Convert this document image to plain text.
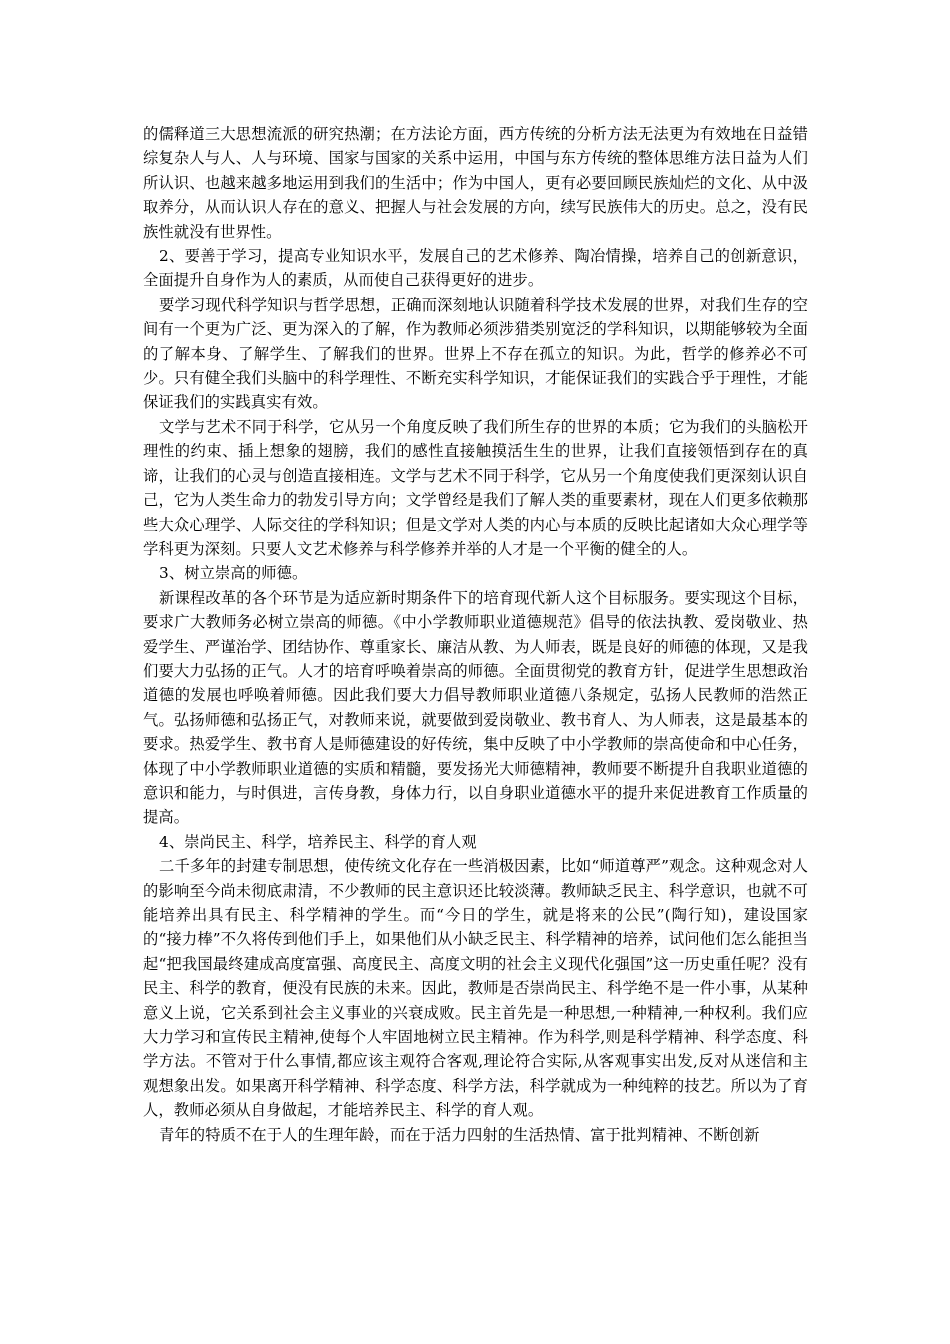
的儒释道三大思想流派的研究热潮；在方法论方面，西方传统的分析方法无法更为有效地在日益错综复杂人与人、人与环境、国家与国家的关系中运用，中国与东方传统的整体思维方法日益为人们所认识、也越来越多地运用到我们的生活中；作为中国人，更有必要回顾民族灿烂的文化、从中汲取养分，从而认识人存在的意义、把握人与社会发展的方向，续写民族伟大的历史。总之，没有民族性就没有世界性。

2、要善于学习，提高专业知识水平，发展自己的艺术修养、陶冶情操，培养自己的创新意识，全面提升自身作为人的素质，从而使自己获得更好的进步。

要学习现代科学知识与哲学思想，正确而深刻地认识随着科学技术发展的世界，对我们生存的空间有一个更为广泛、更为深入的了解，作为教师必须涉猎类别宽泛的学科知识，以期能够较为全面的了解本身、了解学生、了解我们的世界。世界上不存在孤立的知识。为此，哲学的修养必不可少。只有健全我们头脑中的科学理性、不断充实科学知识，才能保证我们的实践合乎于理性，才能保证我们的实践真实有效。

文学与艺术不同于科学，它从另一个角度反映了我们所生存的世界的本质；它为我们的头脑松开理性的约束、插上想象的翅膀，我们的感性直接触摸活生生的世界，让我们直接领悟到存在的真谛，让我们的心灵与创造直接相连。文学与艺术不同于科学，它从另一个角度使我们更深刻认识自己，它为人类生命力的勃发引导方向；文学曾经是我们了解人类的重要素材，现在人们更多依赖那些大众心理学、人际交往的学科知识；但是文学对人类的内心与本质的反映比起诸如大众心理学等学科更为深刻。只要人文艺术修养与科学修养并举的人才是一个平衡的健全的人。

3、树立崇高的师德。

新课程改革的各个环节是为适应新时期条件下的培育现代新人这个目标服务。要实现这个目标，要求广大教师务必树立崇高的师德。《中小学教师职业道德规范》倡导的依法执教、爱岗敬业、热爱学生、严谨治学、团结协作、尊重家长、廉洁从教、为人师表，既是良好的师德的体现，又是我们要大力弘扬的正气。人才的培育呼唤着崇高的师德。全面贯彻党的教育方针，促进学生思想政治道德的发展也呼唤着师德。因此我们要大力倡导教师职业道德八条规定，弘扬人民教师的浩然正气。弘扬师德和弘扬正气，对教师来说，就要做到爱岗敬业、教书育人、为人师表，这是最基本的要求。热爱学生、教书育人是师德建设的好传统，集中反映了中小学教师的崇高使命和中心任务，体现了中小学教师职业道德的实质和精髓，要发扬光大师德精神，教师要不断提升自我职业道德的意识和能力，与时俱进，言传身教，身体力行，以自身职业道德水平的提升来促进教育工作质量的提高。

4、崇尚民主、科学，培养民主、科学的育人观

二千多年的封建专制思想，使传统文化存在一些消极因素，比如“师道尊严”观念。这种观念对人的影响至今尚未彻底肃清，不少教师的民主意识还比较淡薄。教师缺乏民主、科学意识，也就不可能培养出具有民主、科学精神的学生。而“今日的学生，就是将来的公民”(陶行知)，建设国家的“接力棒”不久将传到他们手上，如果他们从小缺乏民主、科学精神的培养，试问他们怎么能担当起“把我国最终建成高度富强、高度民主、高度文明的社会主义现代化强国”这一历史重任呢？没有民主、科学的教育，便没有民族的未来。因此，教师是否崇尚民主、科学绝不是一件小事，从某种意义上说，它关系到社会主义事业的兴衰成败。民主首先是一种思想,一种精神,一种权利。我们应大力学习和宣传民主精神,使每个人牢固地树立民主精神。作为科学,则是科学精神、科学态度、科学方法。不管对于什么事情,都应该主观符合客观,理论符合实际,从客观事实出发,反对从迷信和主观想象出发。如果离开科学精神、科学态度、科学方法，科学就成为一种纯粹的技艺。所以为了育人，教师必须从自身做起，才能培养民主、科学的育人观。

青年的特质不在于人的生理年龄，而在于活力四射的生活热情、富于批判精神、不断创新
